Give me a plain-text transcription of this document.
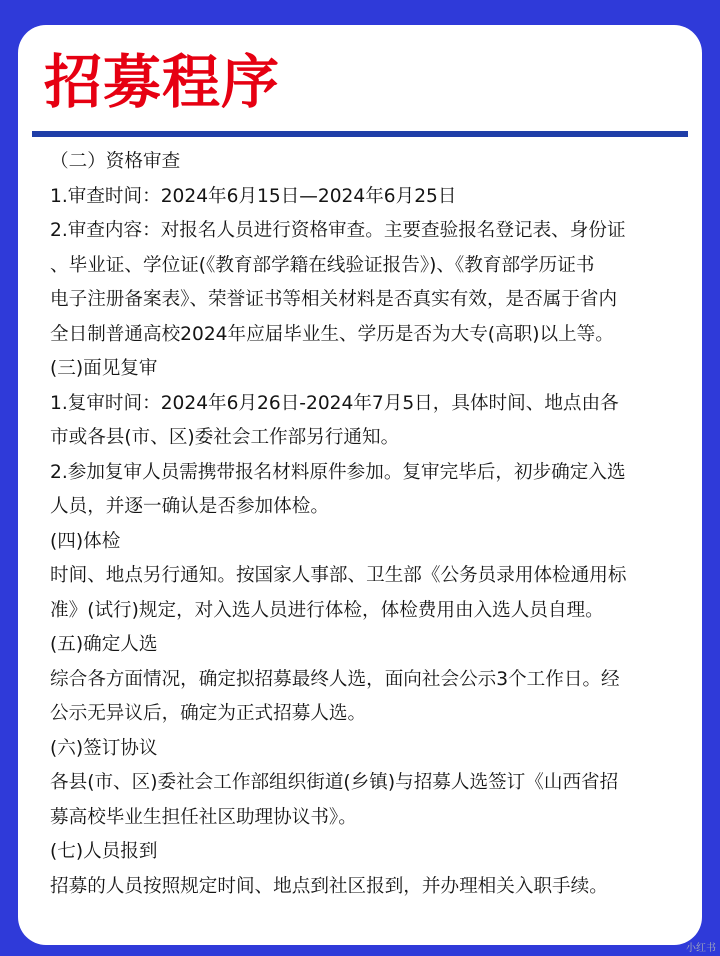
招募程序
（二）资格审查
1.审查时间：2024年6月15日—2024年6月25日
2.审查内容：对报名人员进行资格审查。主要查验报名登记表、身份证
、毕业证、学位证(《教育部学籍在线验证报告》)、《教育部学历证书
电子注册备案表》、荣誉证书等相关材料是否真实有效，是否属于省内
全日制普通高校2024年应届毕业生、学历是否为大专(高职)以上等。
(三)面见复审
1.复审时间：2024年6月26日-2024年7月5日，具体时间、地点由各
市或各县(市、区)委社会工作部另行通知。
2.参加复审人员需携带报名材料原件参加。复审完毕后，初步确定入选
人员，并逐一确认是否参加体检。
(四)体检
时间、地点另行通知。按国家人事部、卫生部《公务员录用体检通用标
准》(试行)规定，对入选人员进行体检，体检费用由入选人员自理。
(五)确定人选
综合各方面情况，确定拟招募最终人选，面向社会公示3个工作日。经
公示无异议后，确定为正式招募人选。
(六)签订协议
各县(市、区)委社会工作部组织街道(乡镇)与招募人选签订《山西省招
募高校毕业生担任社区助理协议书》。
(七)人员报到
招募的人员按照规定时间、地点到社区报到，并办理相关入职手续。
小红书
